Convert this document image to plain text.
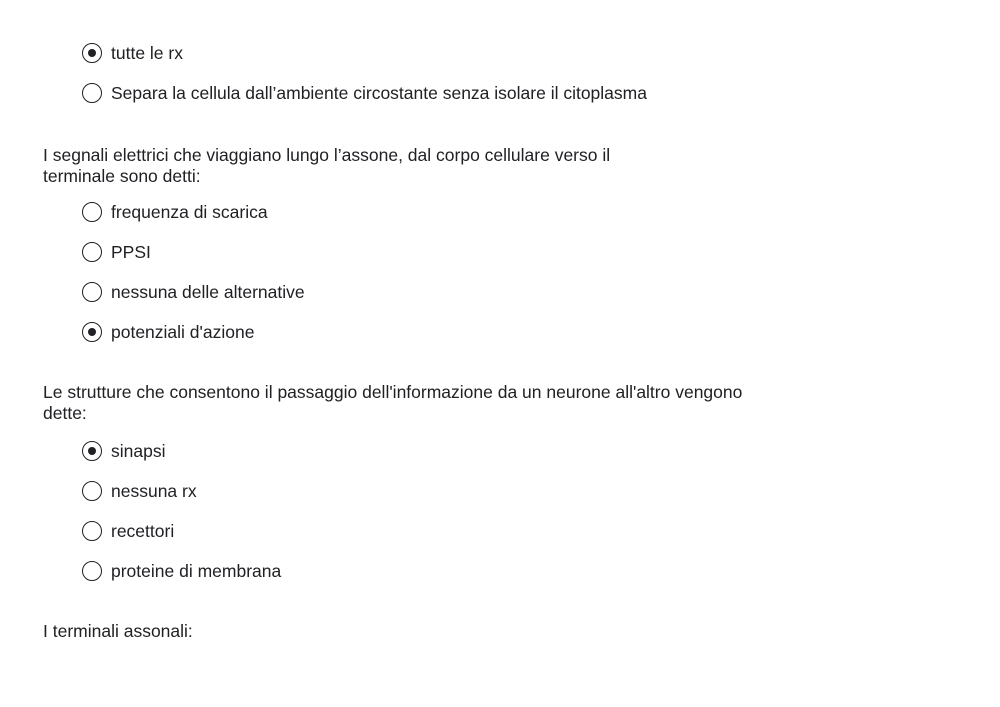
tutte le rx
Separa la cellula dall’ambiente circostante senza isolare il citoplasma
I segnali elettrici che viaggiano lungo l’assone, dal corpo cellulare verso il terminale sono detti:
frequenza di scarica
PPSI
nessuna delle alternative
potenziali d'azione
Le strutture che consentono il passaggio dell'informazione da un neurone all'altro vengono dette:
sinapsi
nessuna rx
recettori
proteine di membrana
I terminali assonali:
